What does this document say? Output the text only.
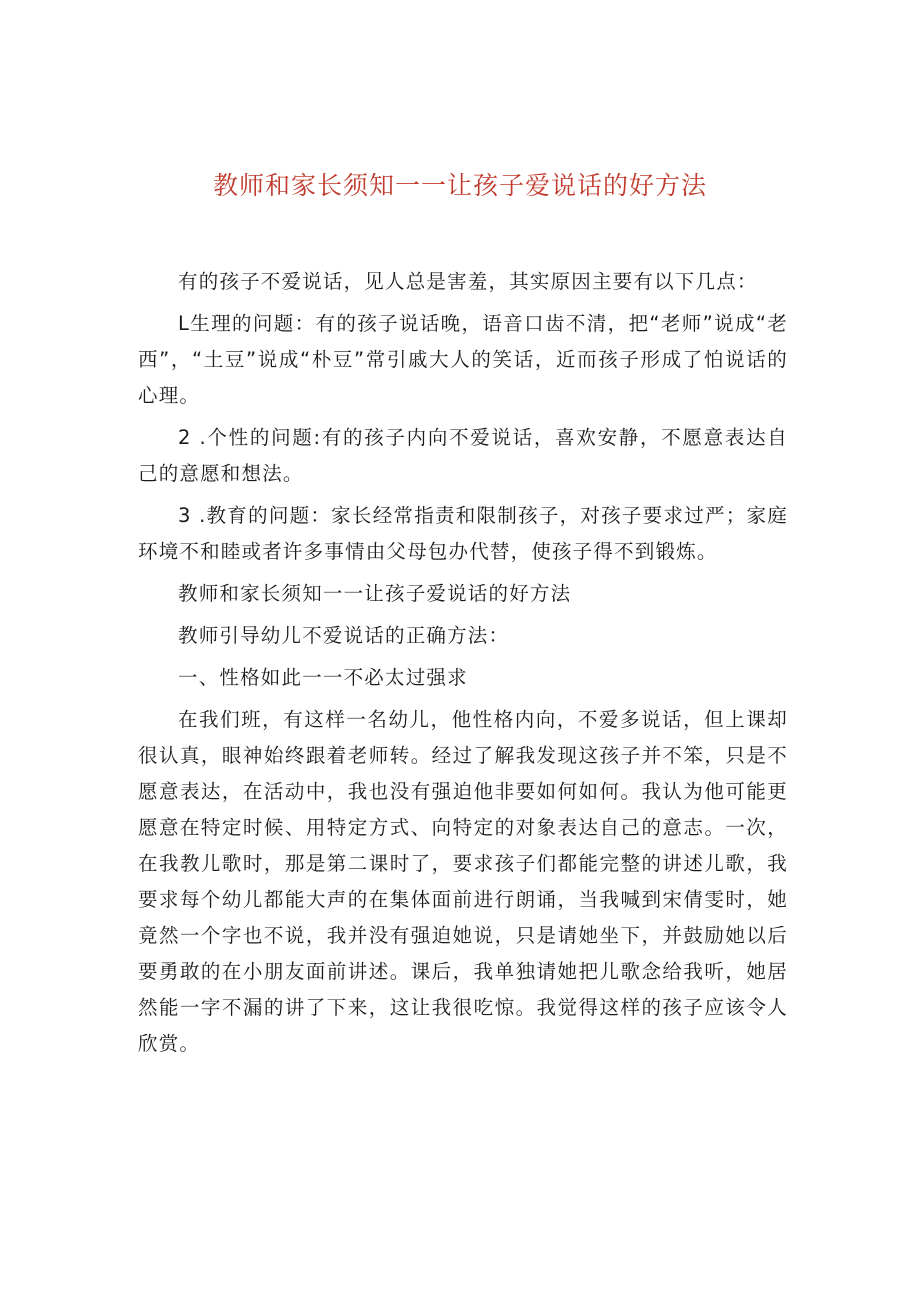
教师和家长须知一一让孩子爱说话的好方法

有的孩子不爱说话，见人总是害羞，其实原因主要有以下几点：

L生理的问题：有的孩子说话晚，语音口齿不清，把“老师”说成“老西”，“土豆”说成“朴豆”常引戚大人的笑话，近而孩子形成了怕说话的心理。

2 .个性的问题:有的孩子内向不爱说话，喜欢安静，不愿意表达自己的意愿和想法。

3 .教育的问题：家长经常指责和限制孩子，对孩子要求过严；家庭环境不和睦或者许多事情由父母包办代替，使孩子得不到锻炼。

教师和家长须知一一让孩子爱说话的好方法

教师引导幼儿不爱说话的正确方法：

一、性格如此一一不必太过强求

在我们班，有这样一名幼儿，他性格内向，不爱多说话，但上课却很认真，眼神始终跟着老师转。经过了解我发现这孩子并不笨，只是不愿意表达，在活动中，我也没有强迫他非要如何如何。我认为他可能更愿意在特定时候、用特定方式、向特定的对象表达自己的意志。一次，在我教儿歌时，那是第二课时了，要求孩子们都能完整的讲述儿歌，我要求每个幼儿都能大声的在集体面前进行朗诵，当我喊到宋倩雯时，她竟然一个字也不说，我并没有强迫她说，只是请她坐下，并鼓励她以后要勇敢的在小朋友面前讲述。课后，我单独请她把儿歌念给我听，她居然能一字不漏的讲了下来，这让我很吃惊。我觉得这样的孩子应该令人欣赏。
